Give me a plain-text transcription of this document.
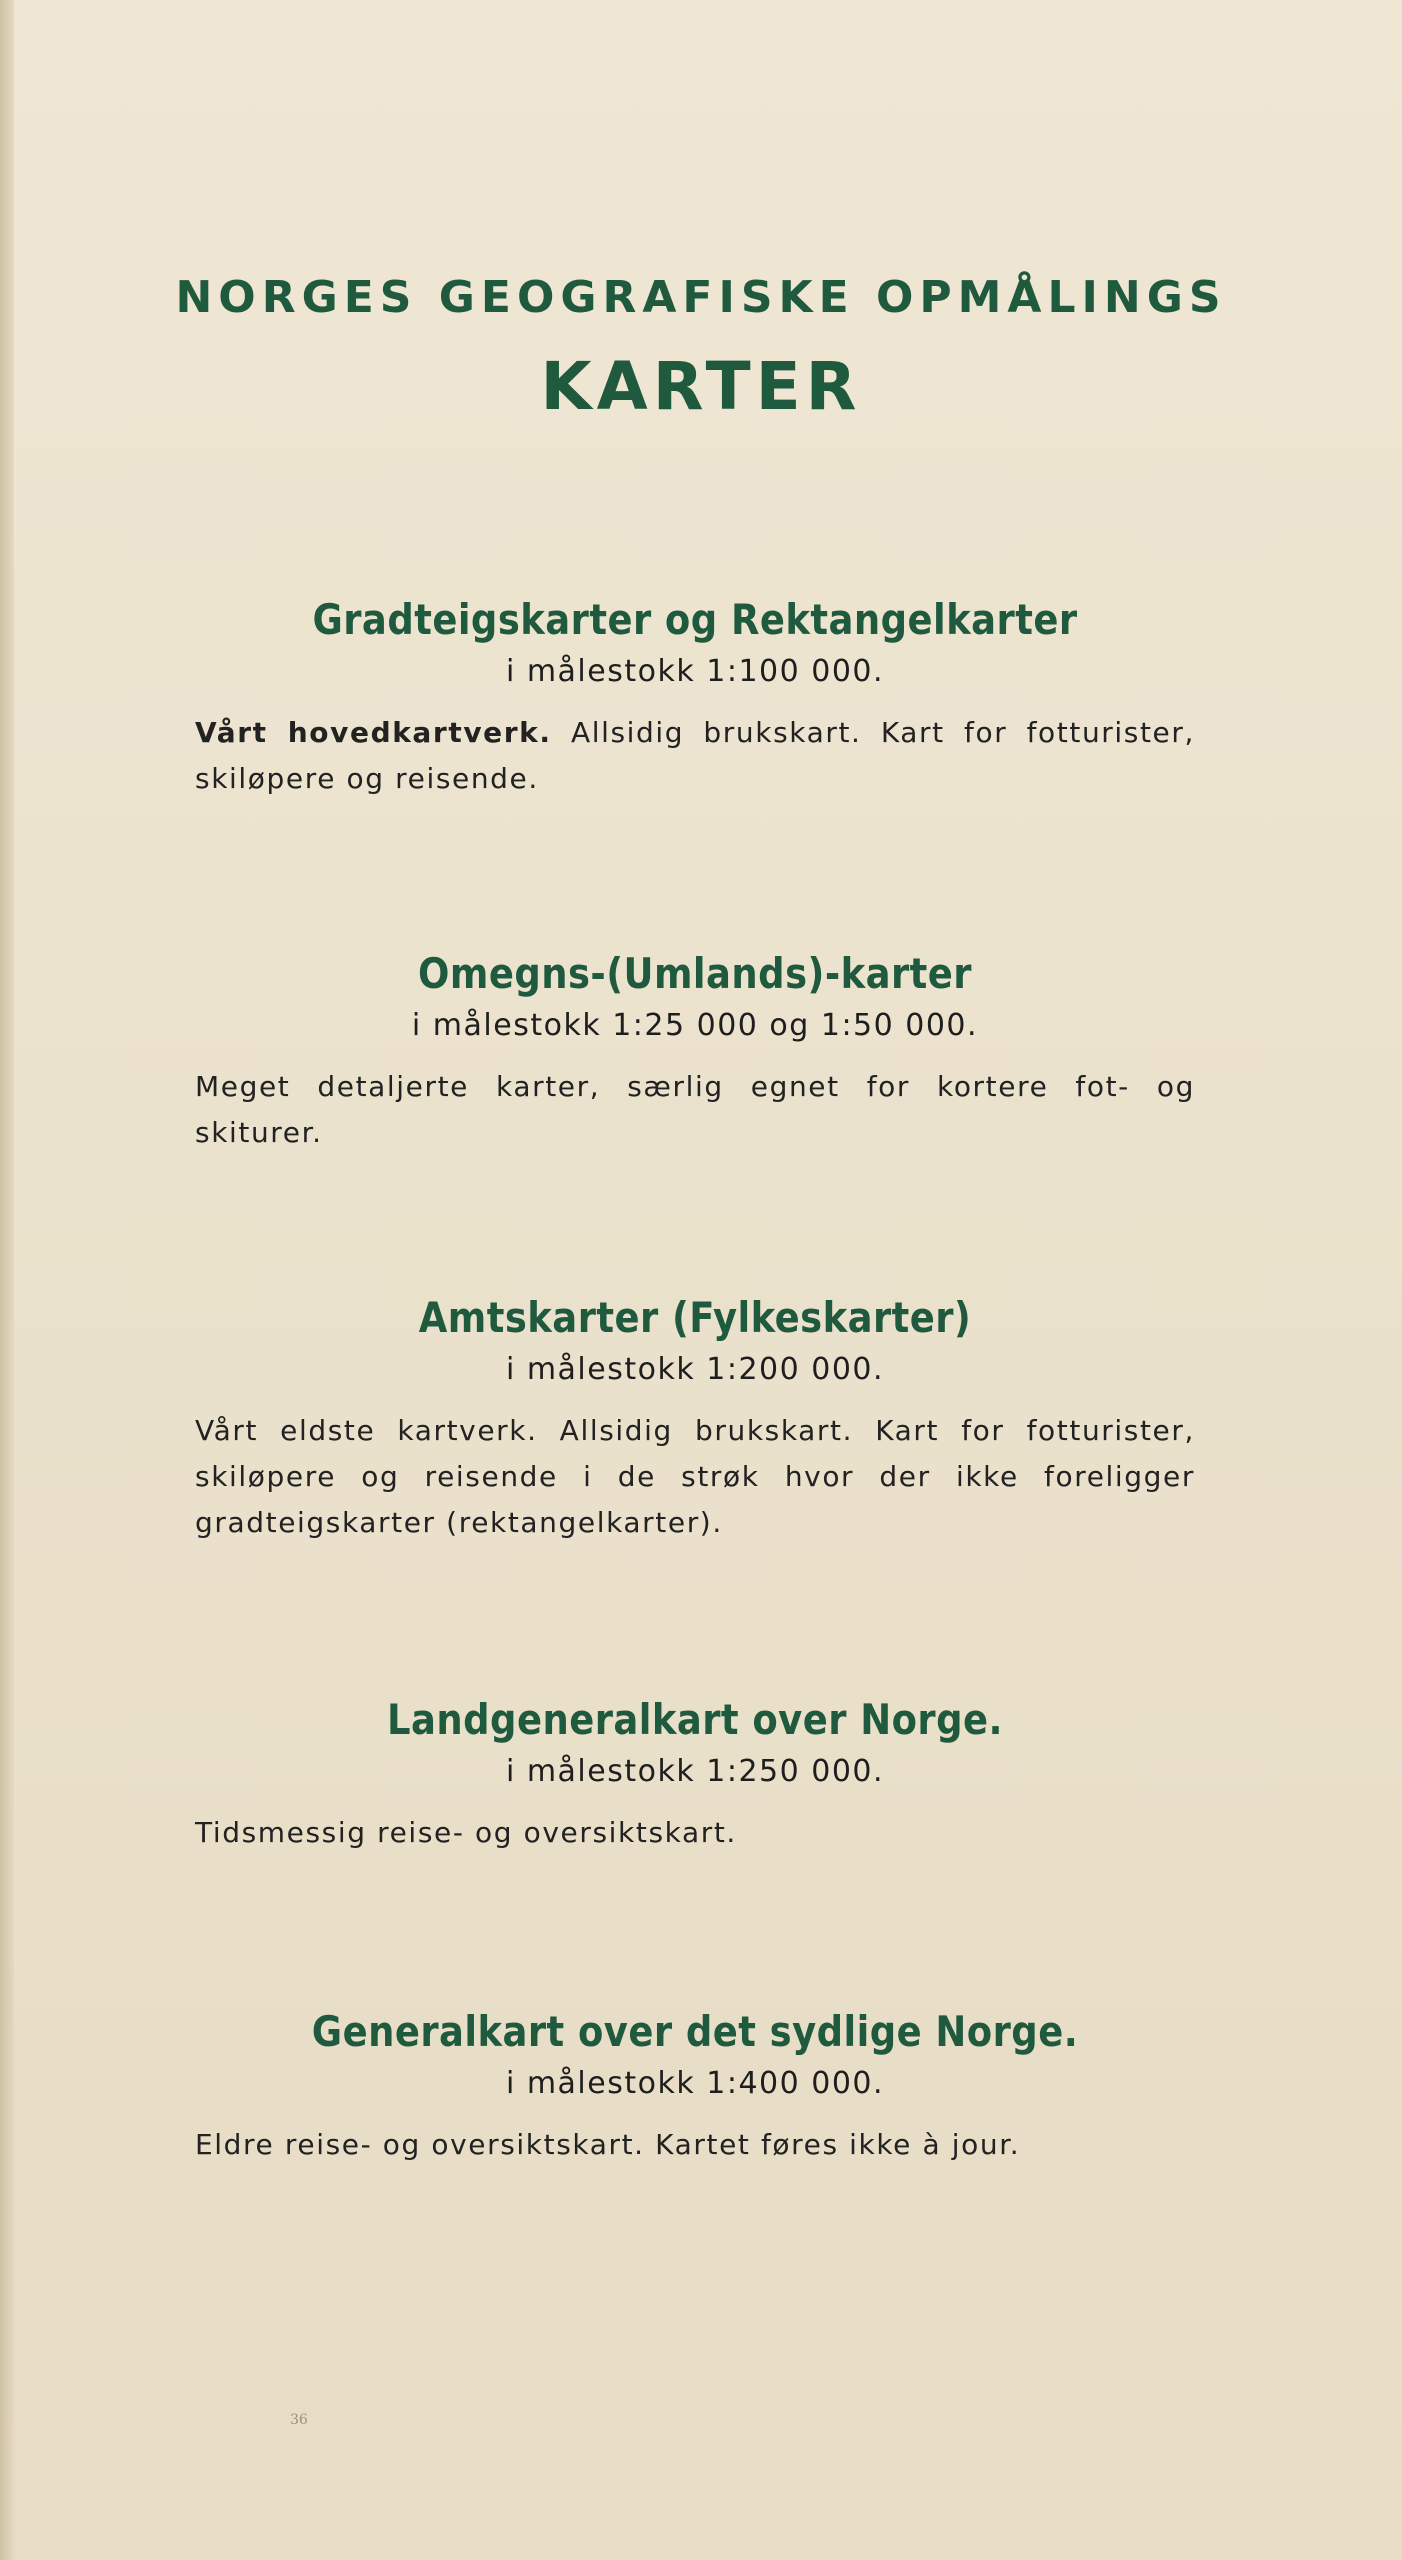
NORGES GEOGRAFISKE OPMÅLINGS
KARTER
Gradteigskarter og Rektangelkarter
i målestokk 1:100 000.
Vårt hovedkartverk. Allsidig brukskart. Kart for fotturister, skiløpere og reisende.
Omegns-(Umlands)-karter
i målestokk 1:25 000 og 1:50 000.
Meget detaljerte karter, særlig egnet for kortere fot- og skiturer.
Amtskarter (Fylkeskarter)
i målestokk 1:200 000.
Vårt eldste kartverk. Allsidig brukskart. Kart for fotturister, skiløpere og reisende i de strøk hvor der ikke foreligger gradteigskarter (rektangelkarter).
Landgeneralkart over Norge.
i målestokk 1:250 000.
Tidsmessig reise- og oversiktskart.
Generalkart over det sydlige Norge.
i målestokk 1:400 000.
Eldre reise- og oversiktskart. Kartet føres ikke à jour.
36
